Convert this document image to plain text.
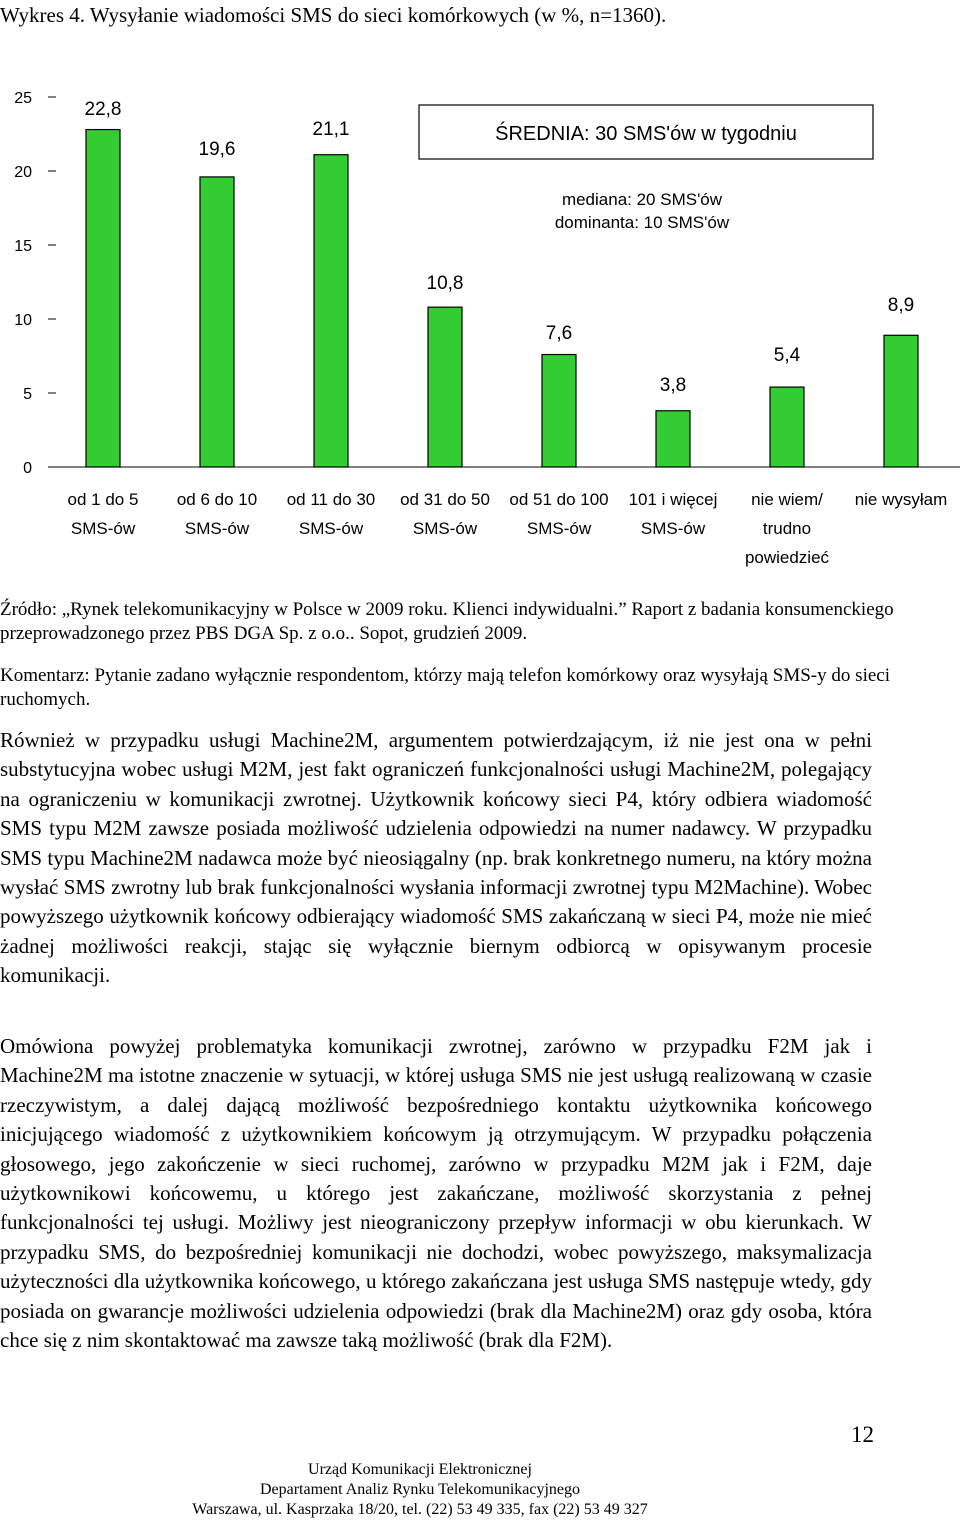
Wykres 4. Wysyłanie wiadomości SMS do sieci komórkowych (w %, n=1360).
0
5
10
15
20
25
22,8
19,6
21,1
10,8
7,6
3,8
5,4
8,9
od 1 do 5
SMS-ów
od 6 do 10
SMS-ów
od 11 do 30
SMS-ów
od 31 do 50
SMS-ów
od 51 do 100
SMS-ów
101 i więcej
SMS-ów
nie wiem/
trudno
powiedzieć
nie wysyłam
ŚREDNIA: 30 SMS'ów w tygodniu
mediana: 20 SMS'ów
dominanta: 10 SMS'ów

Źródło: „Rynek telekomunikacyjny w Polsce w 2009 roku. Klienci indywidualni.” Raport z badania konsumenckiego przeprowadzonego przez PBS DGA Sp. z o.o.. Sopot, grudzień 2009.

Komentarz: Pytanie zadano wyłącznie respondentom, którzy mają telefon komórkowy oraz wysyłają SMS-y do sieci ruchomych.

Również w przypadku usługi Machine2M, argumentem potwierdzającym, iż nie jest ona w pełni substytucyjna wobec usługi M2M, jest fakt ograniczeń funkcjonalności usługi Machine2M, polegający na ograniczeniu w komunikacji zwrotnej. Użytkownik końcowy sieci P4, który odbiera wiadomość SMS typu M2M zawsze posiada możliwość udzielenia odpowiedzi na numer nadawcy. W przypadku SMS typu Machine2M nadawca może być nieosiągalny (np. brak konkretnego numeru, na który można wysłać SMS zwrotny lub brak funkcjonalności wysłania informacji zwrotnej typu M2Machine). Wobec powyższego użytkownik końcowy odbierający wiadomość SMS zakańczaną w sieci P4, może nie mieć żadnej możliwości reakcji, stając się wyłącznie biernym odbiorcą w opisywanym procesie komunikacji.

Omówiona powyżej problematyka komunikacji zwrotnej, zarówno w przypadku F2M jak i Machine2M ma istotne znaczenie w sytuacji, w której usługa SMS nie jest usługą realizowaną w czasie rzeczywistym, a dalej dającą możliwość bezpośredniego kontaktu użytkownika końcowego inicjującego wiadomość z użytkownikiem końcowym ją otrzymującym. W przypadku połączenia głosowego, jego zakończenie w sieci ruchomej, zarówno w przypadku M2M jak i F2M, daje użytkownikowi końcowemu, u którego jest zakańczane, możliwość skorzystania z pełnej funkcjonalności tej usługi. Możliwy jest nieograniczony przepływ informacji w obu kierunkach. W przypadku SMS, do bezpośredniej komunikacji nie dochodzi, wobec powyższego, maksymalizacja użyteczności dla użytkownika końcowego, u którego zakańczana jest usługa SMS następuje wtedy, gdy posiada on gwarancje możliwości udzielenia odpowiedzi (brak dla Machine2M) oraz gdy osoba, która chce się z nim skontaktować ma zawsze taką możliwość (brak dla F2M).

12
Urząd Komunikacji Elektronicznej
Departament Analiz Rynku Telekomunikacyjnego
Warszawa, ul. Kasprzaka 18/20, tel. (22) 53 49 335, fax (22) 53 49 327
